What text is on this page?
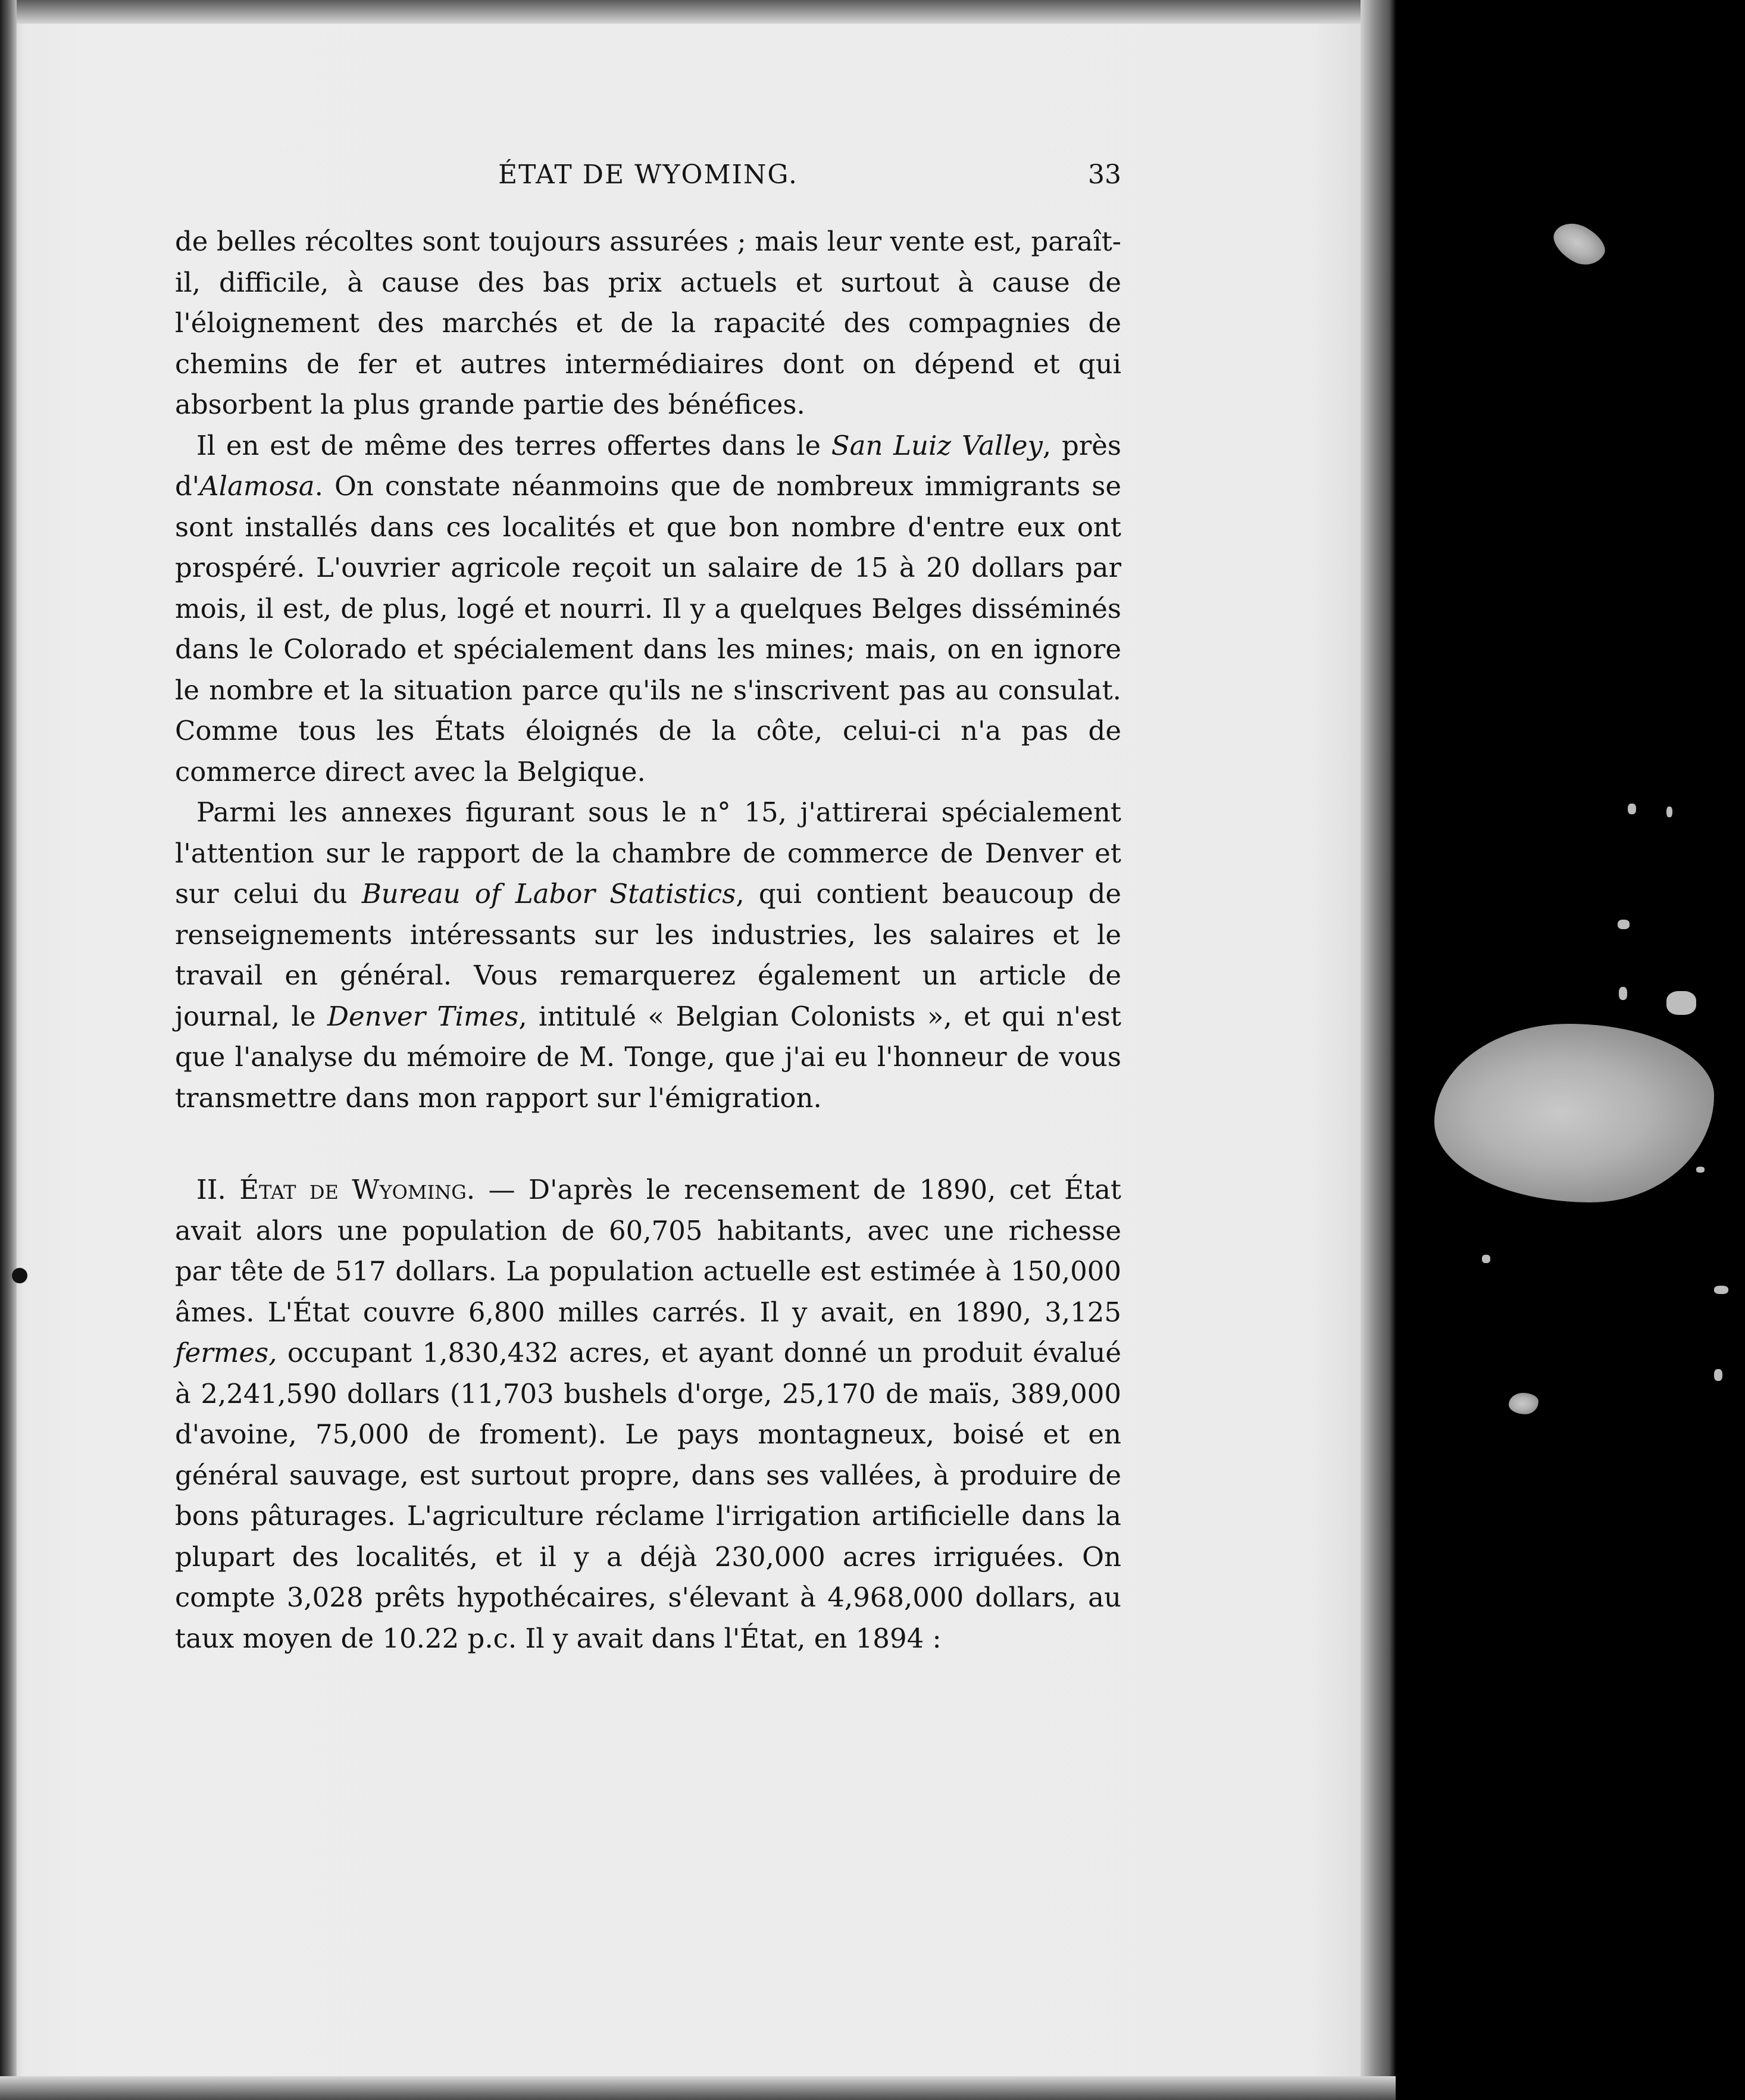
ÉTAT DE WYOMING.	33

de belles récoltes sont toujours assurées ; mais leur vente est, paraît-il, difficile, à cause des bas prix actuels et surtout à cause de l'éloignement des marchés et de la rapacité des compagnies de chemins de fer et autres intermédiaires dont on dépend et qui absorbent la plus grande partie des bénéfices.

Il en est de même des terres offertes dans le San Luiz Valley, près d'Alamosa. On constate néanmoins que de nombreux immigrants se sont installés dans ces localités et que bon nombre d'entre eux ont prospéré. L'ouvrier agricole reçoit un salaire de 15 à 20 dollars par mois, il est, de plus, logé et nourri. Il y a quelques Belges disséminés dans le Colorado et spécialement dans les mines; mais, on en ignore le nombre et la situation parce qu'ils ne s'inscrivent pas au consulat. Comme tous les États éloignés de la côte, celui-ci n'a pas de commerce direct avec la Belgique.

Parmi les annexes figurant sous le n° 15, j'attirerai spécialement l'attention sur le rapport de la chambre de commerce de Denver et sur celui du Bureau of Labor Statistics, qui contient beaucoup de renseignements intéressants sur les industries, les salaires et le travail en général. Vous remarquerez également un article de journal, le Denver Times, intitulé « Belgian Colonists », et qui n'est que l'analyse du mémoire de M. Tonge, que j'ai eu l'honneur de vous transmettre dans mon rapport sur l'émigration.

II. État de Wyoming. — D'après le recensement de 1890, cet État avait alors une population de 60,705 habitants, avec une richesse par tête de 517 dollars. La population actuelle est estimée à 150,000 âmes. L'État couvre 6,800 milles carrés. Il y avait, en 1890, 3,125 fermes, occupant 1,830,432 acres, et ayant donné un produit évalué à 2,241,590 dollars (11,703 bushels d'orge, 25,170 de maïs, 389,000 d'avoine, 75,000 de froment). Le pays montagneux, boisé et en général sauvage, est surtout propre, dans ses vallées, à produire de bons pâturages. L'agriculture réclame l'irrigation artificielle dans la plupart des localités, et il y a déjà 230,000 acres irriguées. On compte 3,028 prêts hypothécaires, s'élevant à 4,968,000 dollars, au taux moyen de 10.22 p.c. Il y avait dans l'État, en 1894 :
